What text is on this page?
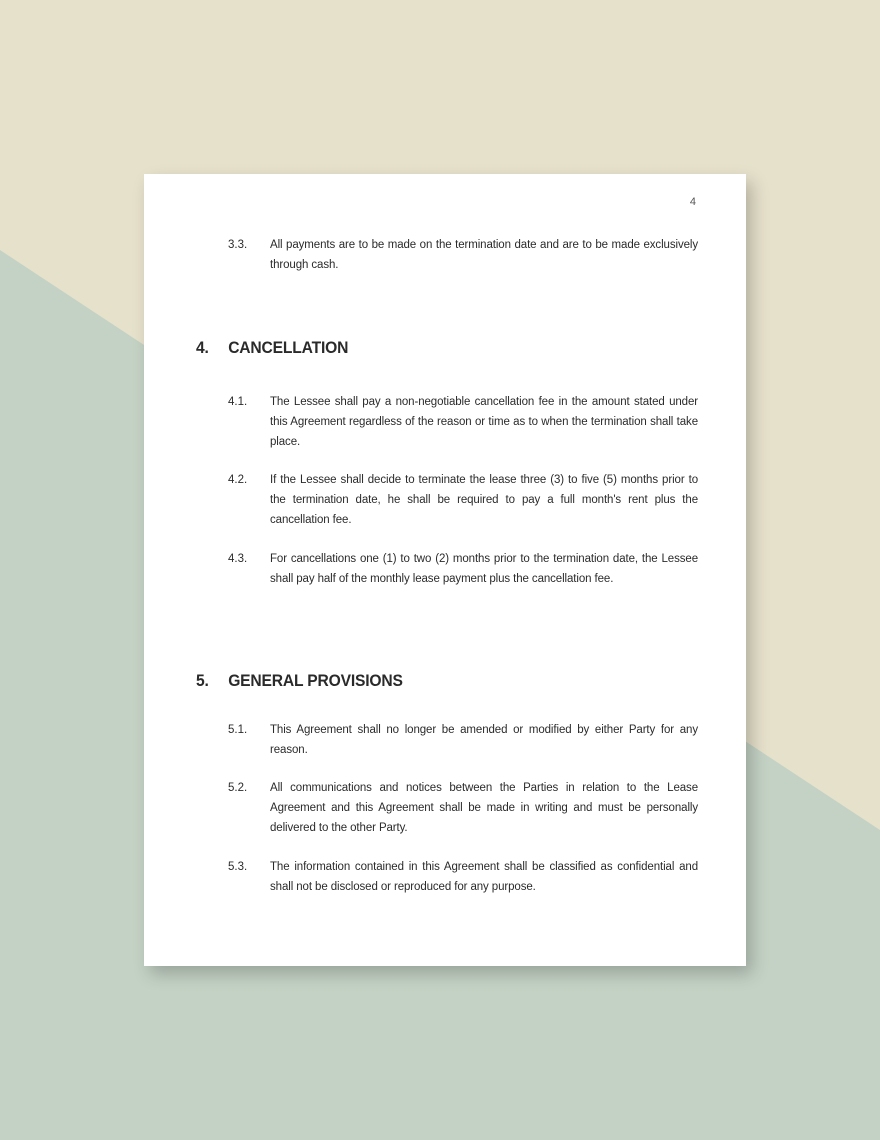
4
3.3.	All payments are to be made on the termination date and are to be made exclusively through cash.
4. CANCELLATION
4.1.	The Lessee shall pay a non-negotiable cancellation fee in the amount stated under this Agreement regardless of the reason or time as to when the termination shall take place.
4.2.	If the Lessee shall decide to terminate the lease three (3) to five (5) months prior to the termination date, he shall be required to pay a full month's rent plus the cancellation fee.
4.3.	For cancellations one (1) to two (2) months prior to the termination date, the Lessee shall pay half of the monthly lease payment plus the cancellation fee.
5. GENERAL PROVISIONS
5.1.	This Agreement shall no longer be amended or modified by either Party for any reason.
5.2.	All communications and notices between the Parties in relation to the Lease Agreement and this Agreement shall be made in writing and must be personally delivered to the other Party.
5.3.	The information contained in this Agreement shall be classified as confidential and shall not be disclosed or reproduced for any purpose.
